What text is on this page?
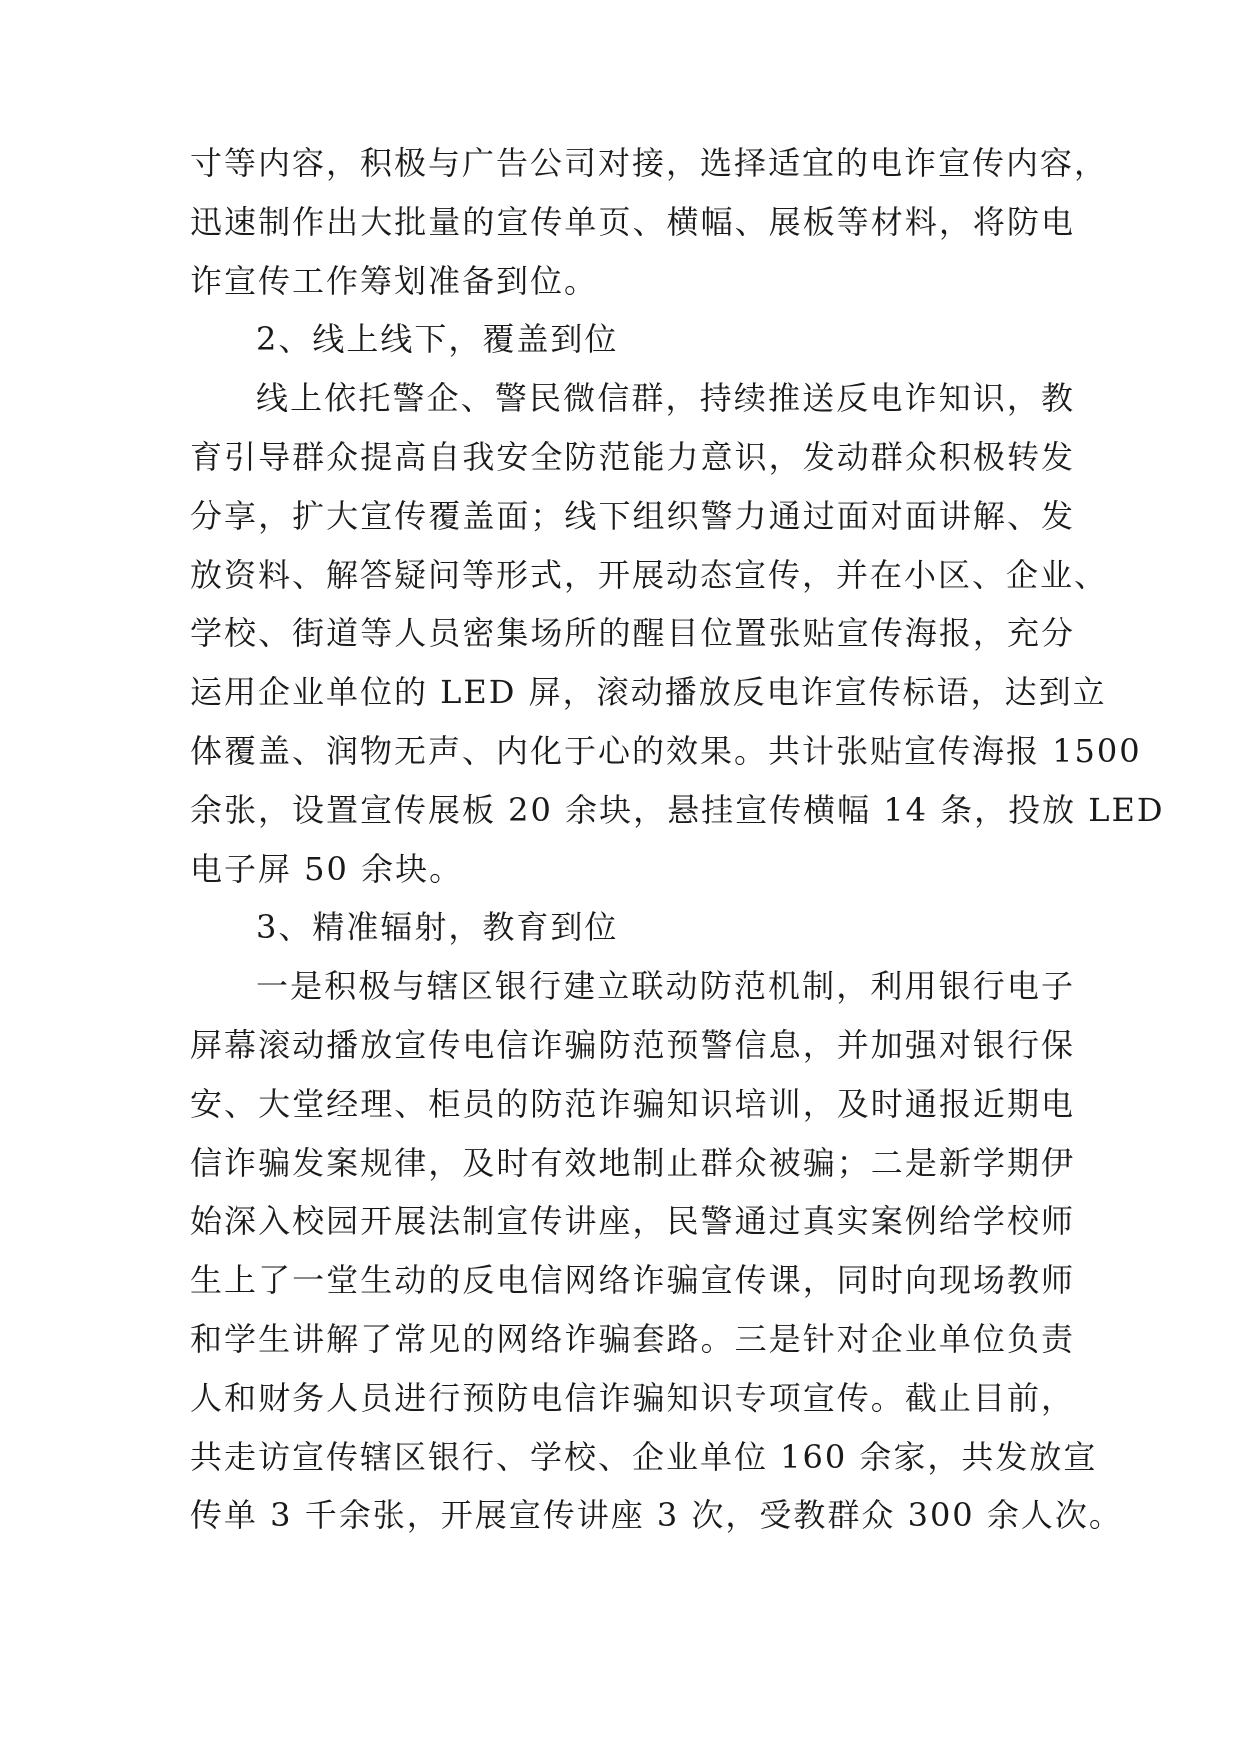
寸等内容，积极与广告公司对接，选择适宜的电诈宣传内容，
迅速制作出大批量的宣传单页、横幅、展板等材料，将防电
诈宣传工作筹划准备到位。
2、线上线下，覆盖到位
线上依托警企、警民微信群，持续推送反电诈知识，教
育引导群众提高自我安全防范能力意识，发动群众积极转发
分享，扩大宣传覆盖面；线下组织警力通过面对面讲解、发
放资料、解答疑问等形式，开展动态宣传，并在小区、企业、
学校、街道等人员密集场所的醒目位置张贴宣传海报，充分
运用企业单位的 LED 屏，滚动播放反电诈宣传标语，达到立
体覆盖、润物无声、内化于心的效果。共计张贴宣传海报 1500
余张，设置宣传展板 20 余块，悬挂宣传横幅 14 条，投放 LED
电子屏 50 余块。
3、精准辐射，教育到位
一是积极与辖区银行建立联动防范机制，利用银行电子
屏幕滚动播放宣传电信诈骗防范预警信息，并加强对银行保
安、大堂经理、柜员的防范诈骗知识培训，及时通报近期电
信诈骗发案规律，及时有效地制止群众被骗；二是新学期伊
始深入校园开展法制宣传讲座，民警通过真实案例给学校师
生上了一堂生动的反电信网络诈骗宣传课，同时向现场教师
和学生讲解了常见的网络诈骗套路。三是针对企业单位负责
人和财务人员进行预防电信诈骗知识专项宣传。截止目前，
共走访宣传辖区银行、学校、企业单位 160 余家，共发放宣
传单 3 千余张，开展宣传讲座 3 次，受教群众 300 余人次。
